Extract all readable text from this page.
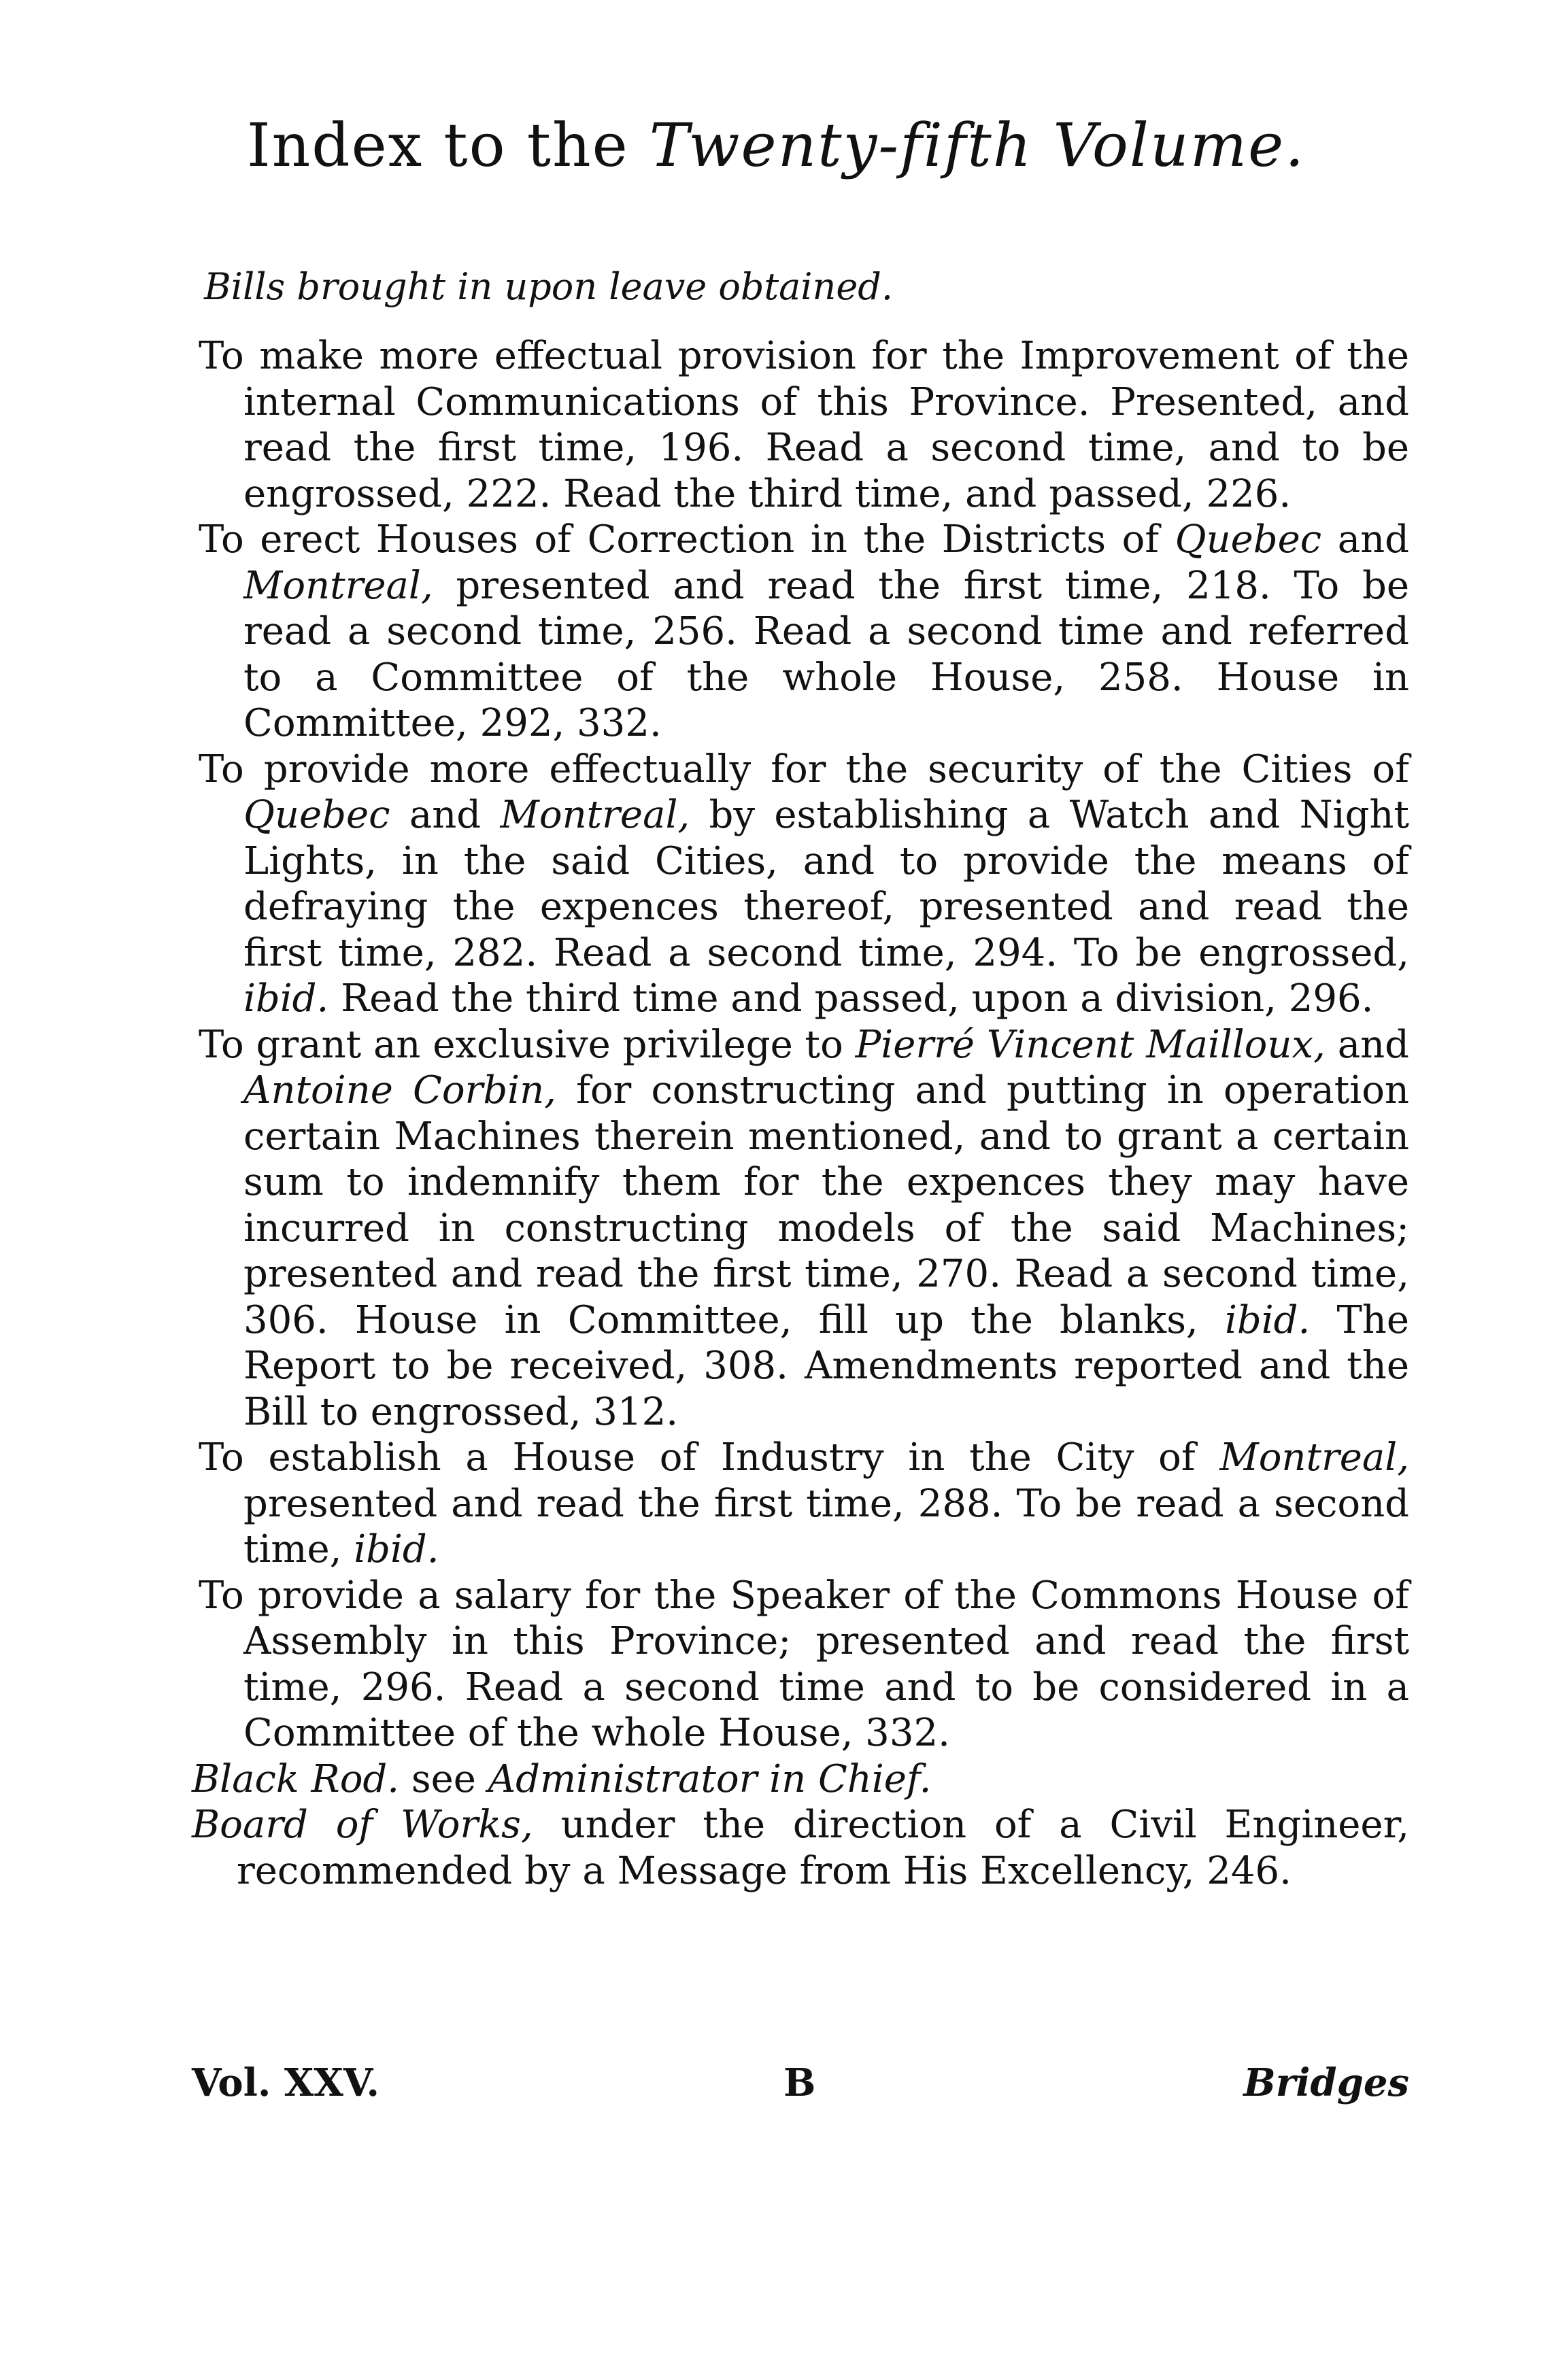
Index to the Twenty-fifth Volume.
Bills brought in upon leave obtained.

To make more effectual provision for the Improvement of the internal Communications of this Province. Presented, and read the first time, 196. Read a second time, and to be engrossed, 222. Read the third time, and passed, 226.

To erect Houses of Correction in the Districts of Quebec and Montreal, presented and read the first time, 218. To be read a second time, 256. Read a second time and referred to a Committee of the whole House, 258. House in Committee, 292, 332.

To provide more effectually for the security of the Cities of Quebec and Montreal, by establishing a Watch and Night Lights, in the said Cities, and to provide the means of defraying the expences thereof, presented and read the first time, 282. Read a second time, 294. To be engrossed, ibid. Read the third time and passed, upon a division, 296.

To grant an exclusive privilege to Pierré Vincent Mailloux, and Antoine Corbin, for constructing and putting in operation certain Machines therein mentioned, and to grant a certain sum to indemnify them for the expences they may have incurred in constructing models of the said Machines; presented and read the first time, 270. Read a second time, 306. House in Committee, fill up the blanks, ibid. The Report to be received, 308. Amendments reported and the Bill to engrossed, 312.

To establish a House of Industry in the City of Montreal, presented and read the first time, 288. To be read a second time, ibid.

To provide a salary for the Speaker of the Commons House of Assembly in this Province; presented and read the first time, 296. Read a second time and to be considered in a Committee of the whole House, 332.

Black Rod. see Administrator in Chief.

Board of Works, under the direction of a Civil Engineer, recommended by a Message from His Excellency, 246.

Vol. XXV.	B	Bridges
